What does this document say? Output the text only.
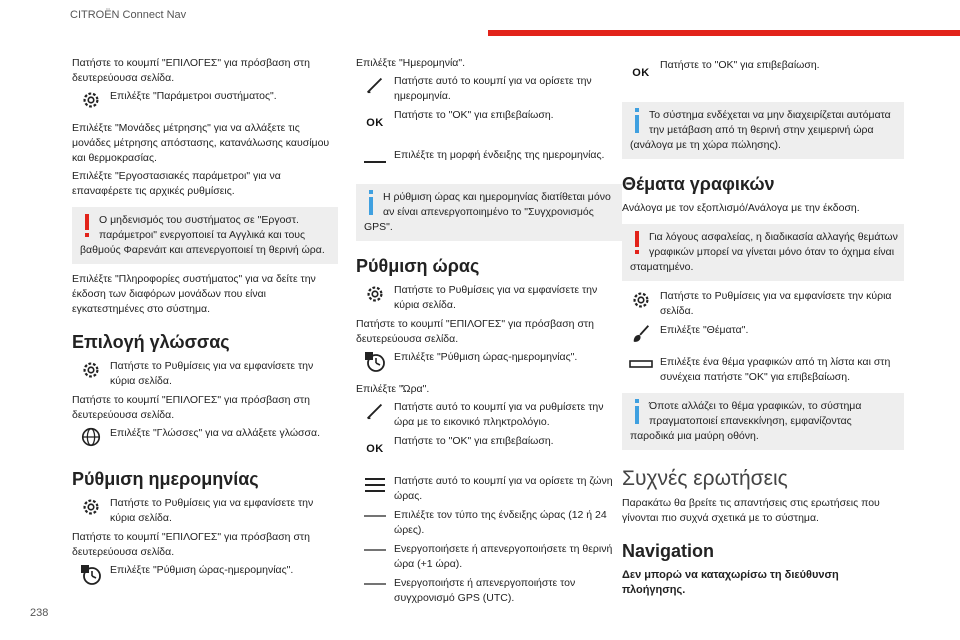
CITROËN Connect Nav
238

Πατήστε το κουμπί "ΕΠΙΛΟΓΕΣ" για πρόσβαση στη δευτερεύουσα σελίδα.

Επιλέξτε "Παράμετροι συστήματος".

Επιλέξτε "Μονάδες μέτρησης" για να αλλάξετε τις μονάδες μέτρησης απόστασης, κατανάλωσης καυσίμου και θερμοκρασίας.

Επιλέξτε "Εργοστασιακές παράμετροι" για να επαναφέρετε τις αρχικές ρυθμίσεις.

Ο μηδενισμός του συστήματος σε "Εργοστ. παράμετροι" ενεργοποιεί τα Αγγλικά και τους βαθμούς Φαρενάιτ και απενεργοποιεί τη θερινή ώρα.

Επιλέξτε "Πληροφορίες συστήματος" για να δείτε την έκδοση των διαφόρων μονάδων που είναι εγκατεστημένες στο σύστημα.

Επιλογή γλώσσας
Πατήστε το Ρυθμίσεις για να εμφανίσετε την κύρια σελίδα.

Πατήστε το κουμπί "ΕΠΙΛΟΓΕΣ" για πρόσβαση στη δευτερεύουσα σελίδα.

Επιλέξτε "Γλώσσες" για να αλλάξετε γλώσσα.
Ρύθμιση ημερομηνίας
Πατήστε το Ρυθμίσεις για να εμφανίσετε την κύρια σελίδα.

Πατήστε το κουμπί "ΕΠΙΛΟΓΕΣ" για πρόσβαση στη δευτερεύουσα σελίδα.

Επιλέξτε "Ρύθμιση ώρας-ημερομηνίας".

Επιλέξτε "Ημερομηνία".

Πατήστε αυτό το κουμπί για να ορίσετε την ημερομηνία.
OK
Πατήστε το "OK" για επιβεβαίωση.
Επιλέξτε τη μορφή ένδειξης της ημερομηνίας.
Η ρύθμιση ώρας και ημερομηνίας διατίθεται μόνο αν είναι απενεργοποιημένο το "Συγχρονισμός GPS".
Ρύθμιση ώρας
Πατήστε το Ρυθμίσεις για να εμφανίσετε την κύρια σελίδα.

Πατήστε το κουμπί "ΕΠΙΛΟΓΕΣ" για πρόσβαση στη δευτερεύουσα σελίδα.

Επιλέξτε "Ρύθμιση ώρας-ημερομηνίας".

Επιλέξτε "Ώρα".

Πατήστε αυτό το κουμπί για να ρυθμίσετε την ώρα με το εικονικό πληκτρολόγιο.
OK
Πατήστε το "OK" για επιβεβαίωση.
Πατήστε αυτό το κουμπί για να ορίσετε τη ζώνη ώρας.
Επιλέξτε τον τύπο της ένδειξης ώρας (12 ή 24 ώρες).
Ενεργοποιήσετε ή απενεργοποιήσετε τη θερινή ώρα (+1 ώρα).
Ενεργοποιήστε ή απενεργοποιήστε τον συγχρονισμό GPS (UTC).
OK
Πατήστε το "OK" για επιβεβαίωση.
Το σύστημα ενδέχεται να μην διαχειρίζεται αυτόματα την μετάβαση από τη θερινή στην χειμερινή ώρα (ανάλογα με τη χώρα πώλησης).
Θέματα γραφικών

Ανάλογα με τον εξοπλισμό/Ανάλογα με την έκδοση.

Για λόγους ασφαλείας, η διαδικασία αλλαγής θεμάτων γραφικών μπορεί να γίνεται μόνο όταν το όχημα είναι σταματημένο.
Πατήστε το Ρυθμίσεις για να εμφανίσετε την κύρια σελίδα.
Επιλέξτε "Θέματα".
Επιλέξτε ένα θέμα γραφικών από τη λίστα και στη συνέχεια πατήστε "OK" για επιβεβαίωση.
Όποτε αλλάζει το θέμα γραφικών, το σύστημα πραγματοποιεί επανεκκίνηση, εμφανίζοντας παροδικά μια μαύρη οθόνη.
Συχνές ερωτήσεις

Παρακάτω θα βρείτε τις απαντήσεις στις ερωτήσεις που γίνονται πιο συχνά σχετικά με το σύστημα.

Navigation

Δεν μπορώ να καταχωρίσω τη διεύθυνση πλοήγησης.
